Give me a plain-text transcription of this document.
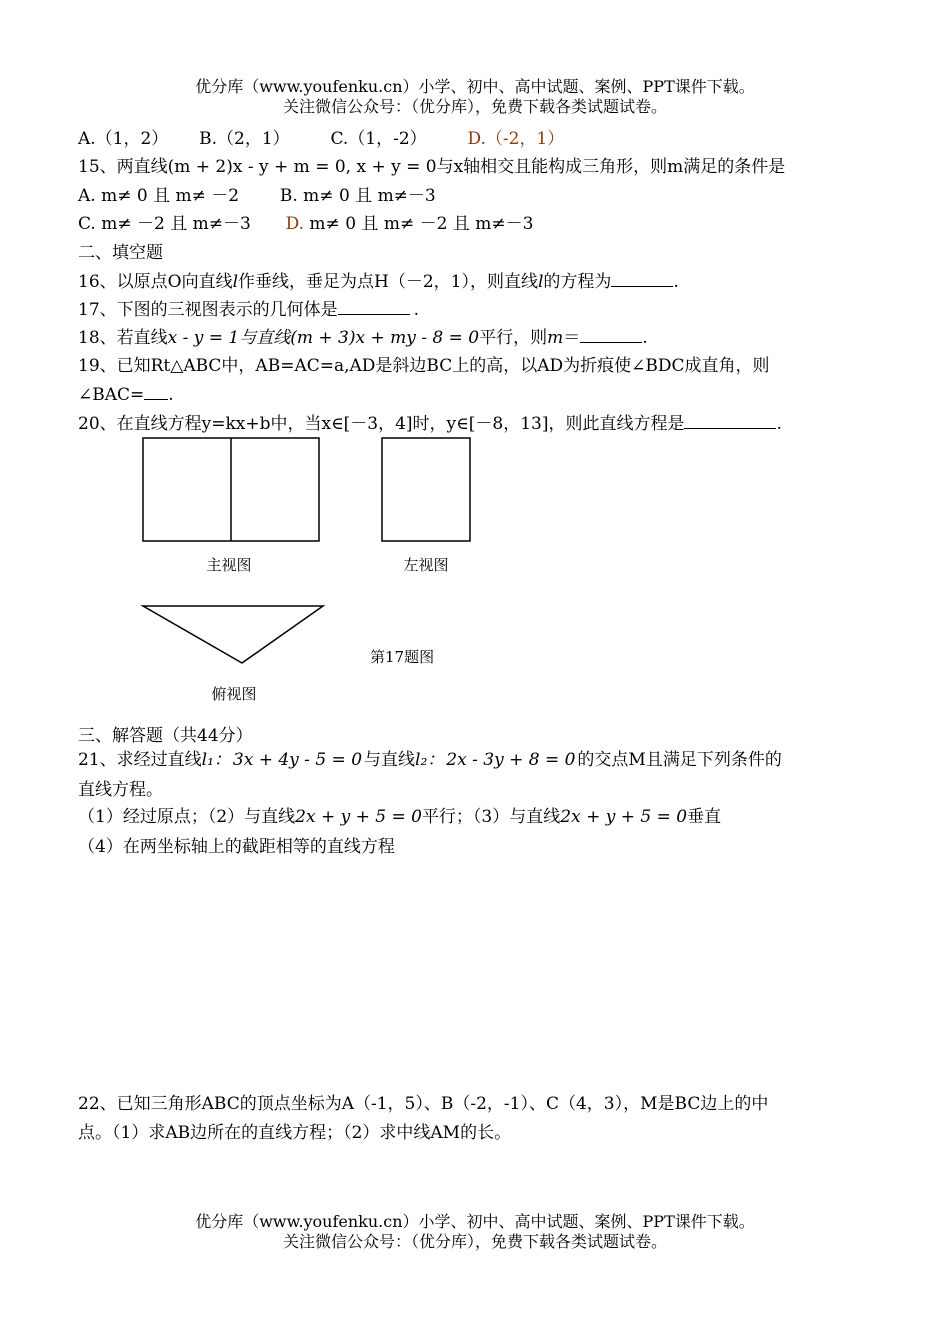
优分库（www.youfenku.cn）小学、初中、高中试题、案例、PPT课件下载。
关注微信公众号：（优分库），免费下载各类试题试卷。
A.（1，2） B.（2，1） C.（1，-2） D.（-2，1）
15、两直线(m + 2)x - y + m = 0, x + y = 0与x轴相交且能构成三角形，则m满足的条件是
A. m≠ 0 且 m≠ －2 B. m≠ 0 且 m≠－3
C. m≠ －2 且 m≠－3 D. m≠ 0 且 m≠ －2 且 m≠－3
二、填空题
16、以原点O向直线l作垂线，垂足为点H（－2，1），则直线l的方程为	.
17、下图的三视图表示的几何体是	.
18、若直线x - y = 1与直线(m + 3)x + my - 8 = 0平行，则m＝	.
19、已知Rt△ABC中，AB=AC=a,AD是斜边BC上的高，以AD为折痕使∠BDC成直角，则
∠BAC= .
20、在直线方程y=kx+b中，当x∈[－3，4]时，y∈[－8，13]，则此直线方程是	.
主视图	左视图
俯视图
第17题图
三、解答题（共44分）
21、求经过直线l₁： 3x + 4y - 5 = 0 与直线l₂： 2x - 3y + 8 = 0 的交点M且满足下列条件的
直线方程。
（1）经过原点；（2）与直线2x + y + 5 = 0平行；（3）与直线2x + y + 5 = 0垂直
（4）在两坐标轴上的截距相等的直线方程
22、已知三角形ABC的顶点坐标为A（-1，5）、B（-2，-1）、C（4，3），M是BC边上的中
点。（1）求AB边所在的直线方程；（2）求中线AM的长。
优分库（www.youfenku.cn）小学、初中、高中试题、案例、PPT课件下载。
关注微信公众号：（优分库），免费下载各类试题试卷。
